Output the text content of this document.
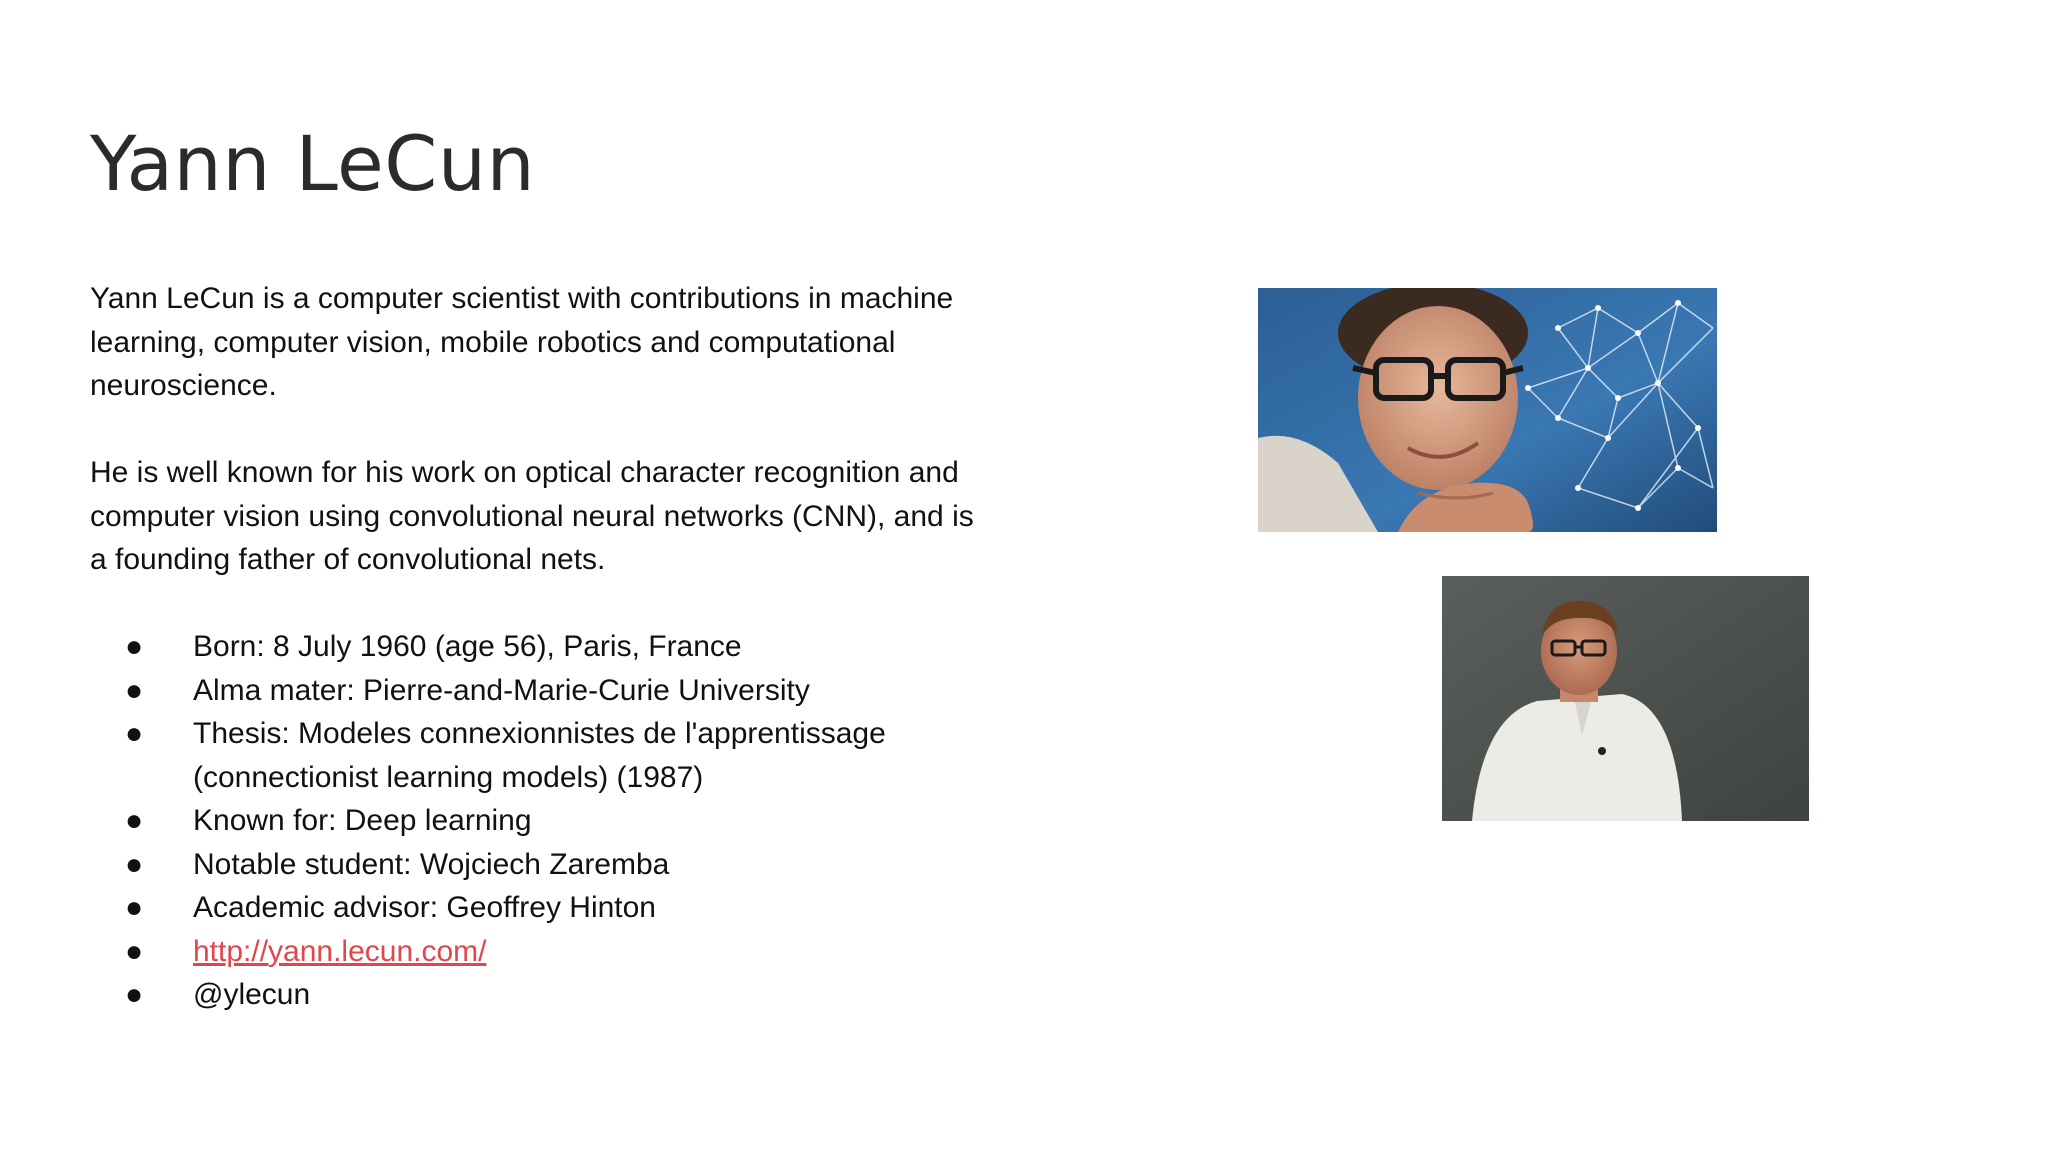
Yann LeCun

Yann LeCun is a computer scientist with contributions in machine learning, computer vision, mobile robotics and computational neuroscience.

He is well known for his work on optical character recognition and computer vision using convolutional neural networks (CNN), and is a founding father of convolutional nets.

● Born: 8 July 1960 (age 56), Paris, France
● Alma mater: Pierre-and-Marie-Curie University
● Thesis: Modeles connexionnistes de l'apprentissage (connectionist learning models) (1987)
● Known for: Deep learning
● Notable student: Wojciech Zaremba
● Academic advisor: Geoffrey Hinton
● http://yann.lecun.com/
● @ylecun
